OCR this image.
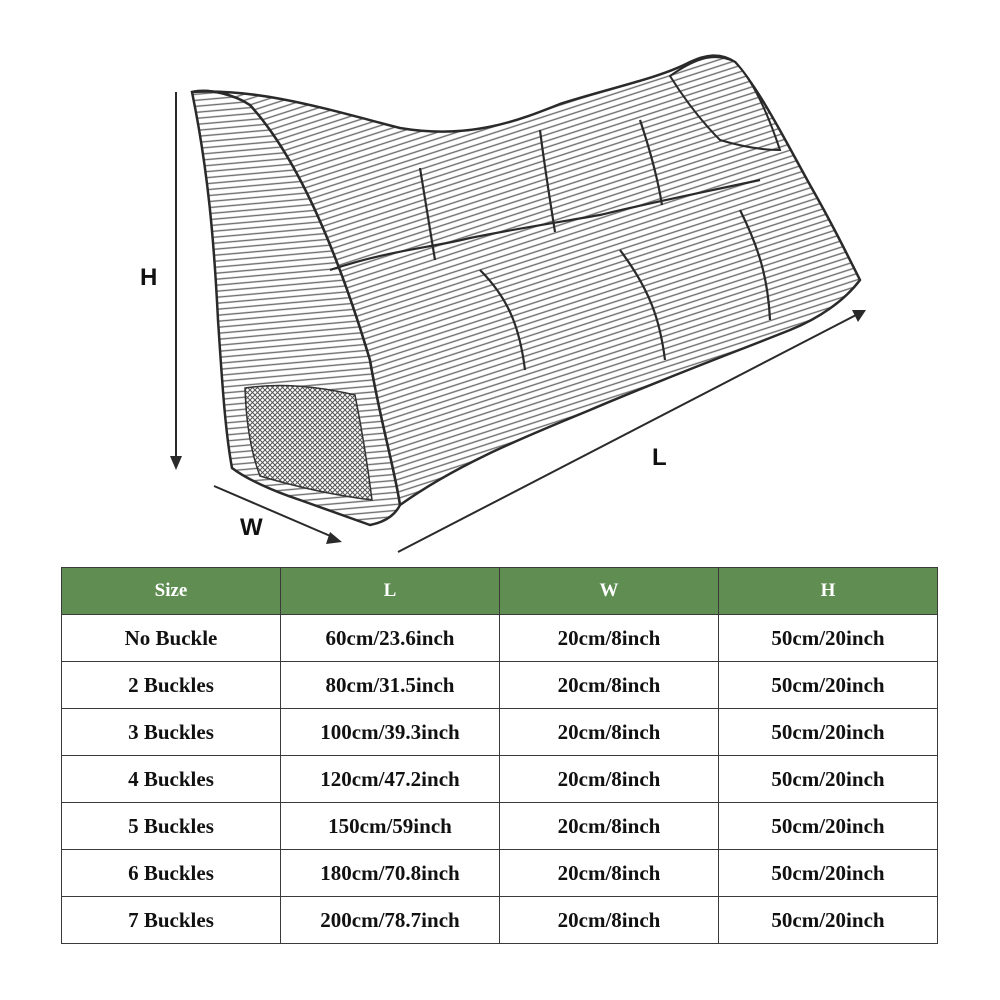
H
L
W
Size	L	W	H
No Buckle	60cm/23.6inch	20cm/8inch	50cm/20inch
2 Buckles	80cm/31.5inch	20cm/8inch	50cm/20inch
3 Buckles	100cm/39.3inch	20cm/8inch	50cm/20inch
4 Buckles	120cm/47.2inch	20cm/8inch	50cm/20inch
5 Buckles	150cm/59inch	20cm/8inch	50cm/20inch
6 Buckles	180cm/70.8inch	20cm/8inch	50cm/20inch
7 Buckles	200cm/78.7inch	20cm/8inch	50cm/20inch
